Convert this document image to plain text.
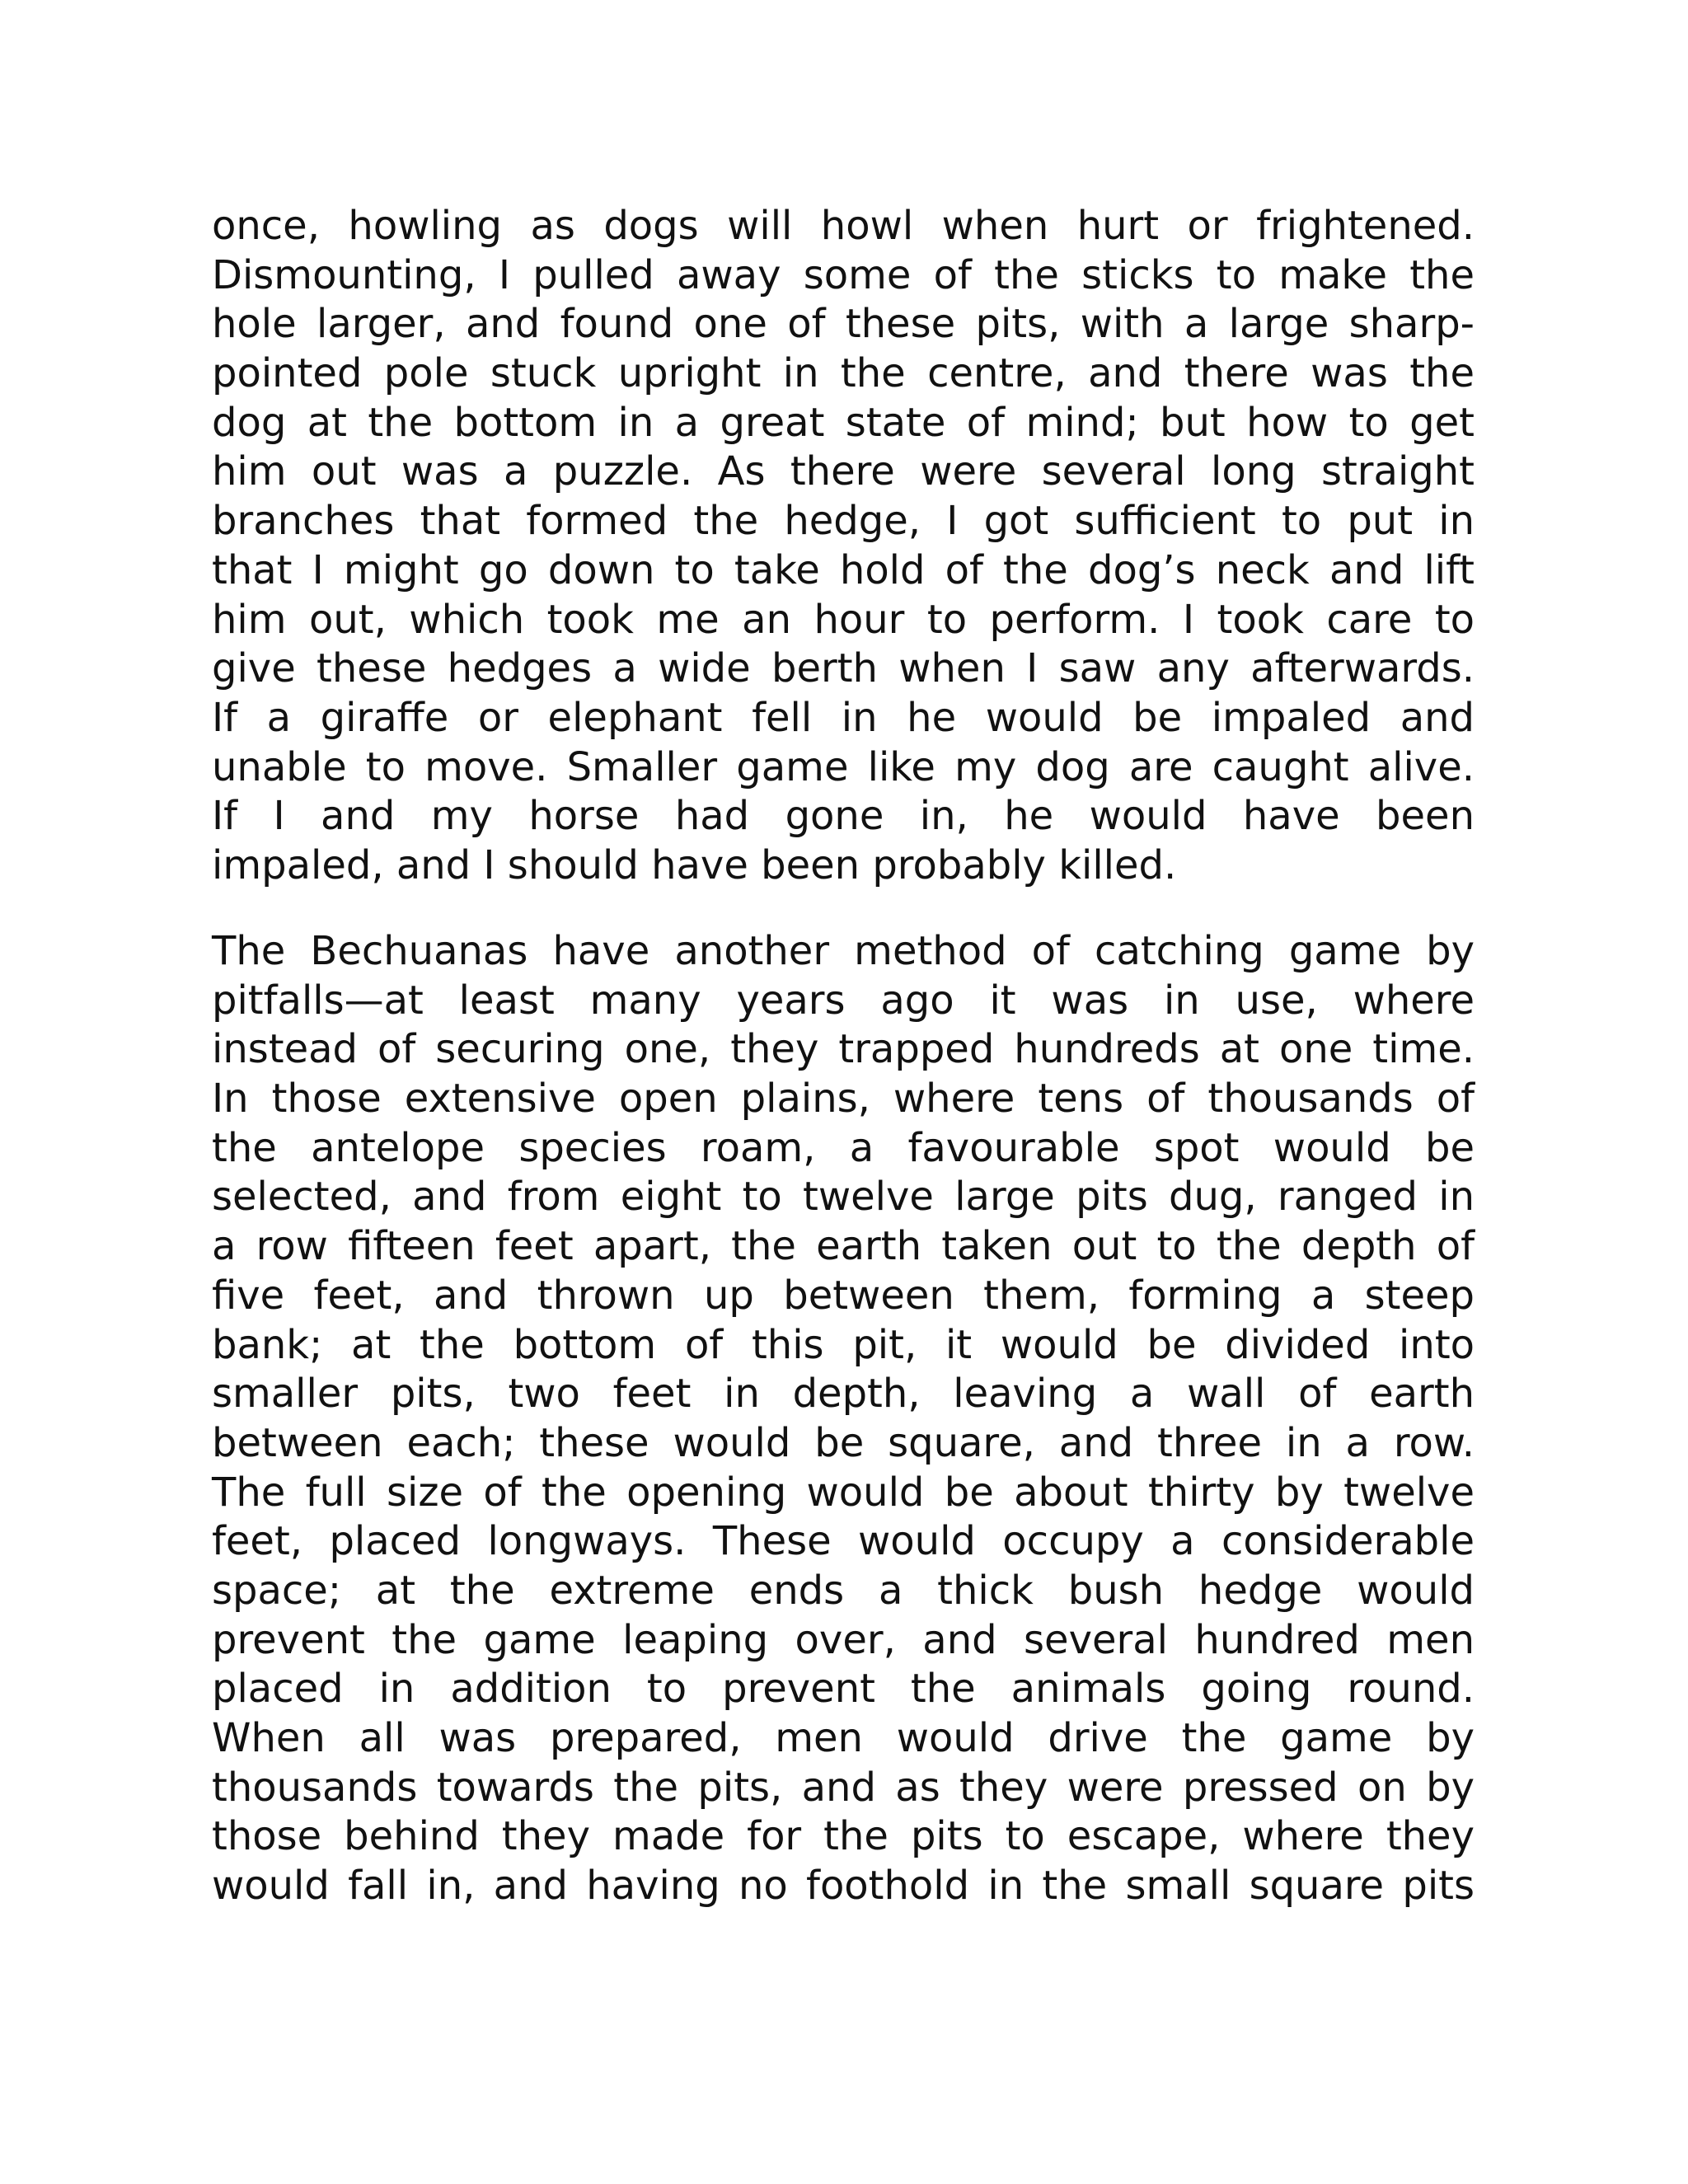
once, howling as dogs will howl when hurt or frightened.
Dismounting, I pulled away some of the sticks to make the
hole larger, and found one of these pits, with a large sharp-
pointed pole stuck upright in the centre, and there was the
dog at the bottom in a great state of mind; but how to get
him out was a puzzle. As there were several long straight
branches that formed the hedge, I got sufficient to put in
that I might go down to take hold of the dog’s neck and lift
him out, which took me an hour to perform. I took care to
give these hedges a wide berth when I saw any afterwards.
If a giraffe or elephant fell in he would be impaled and
unable to move. Smaller game like my dog are caught alive.
If I and my horse had gone in, he would have been
impaled, and I should have been probably killed.
The Bechuanas have another method of catching game by
pitfalls—at least many years ago it was in use, where
instead of securing one, they trapped hundreds at one time.
In those extensive open plains, where tens of thousands of
the antelope species roam, a favourable spot would be
selected, and from eight to twelve large pits dug, ranged in
a row fifteen feet apart, the earth taken out to the depth of
five feet, and thrown up between them, forming a steep
bank; at the bottom of this pit, it would be divided into
smaller pits, two feet in depth, leaving a wall of earth
between each; these would be square, and three in a row.
The full size of the opening would be about thirty by twelve
feet, placed longways. These would occupy a considerable
space; at the extreme ends a thick bush hedge would
prevent the game leaping over, and several hundred men
placed in addition to prevent the animals going round.
When all was prepared, men would drive the game by
thousands towards the pits, and as they were pressed on by
those behind they made for the pits to escape, where they
would fall in, and having no foothold in the small square pits
